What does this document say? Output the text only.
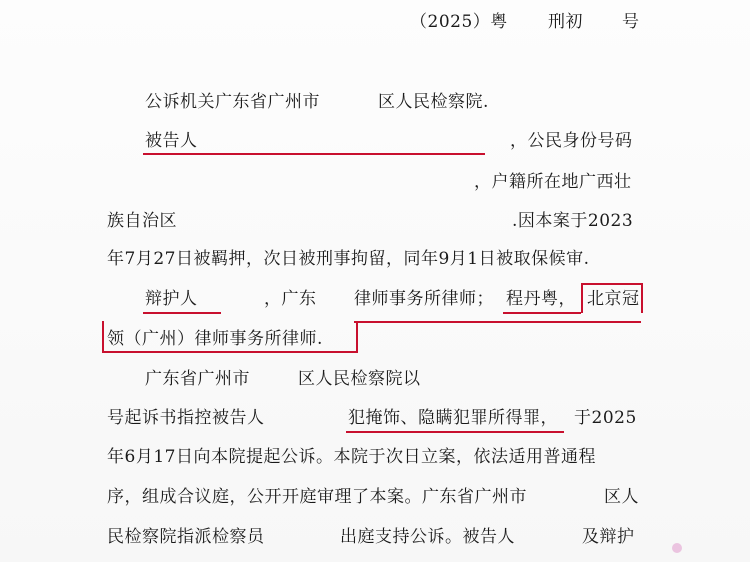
（2025）粤 刑初 号
公诉机关广东省广州市	区人民检察院.
被告人	，公民身份号码
，户籍所在地广西壮
族自治区	.因本案于2023
年7月27日被羁押，次日被刑事拘留，同年9月1日被取保候审.
辩护人	，广东 律师事务所律师； 程丹粤， 北京冠
领（广州）律师事务所律师.
广东省广州市	区人民检察院以
号起诉书指控被告人	犯掩饰、隐瞒犯罪所得罪， 于2025
年6月17日向本院提起公诉。本院于次日立案，依法适用普通程
序，组成合议庭，公开开庭审理了本案。广东省广州市	区人
民检察院指派检察员	出庭支持公诉。被告人	及辩护
